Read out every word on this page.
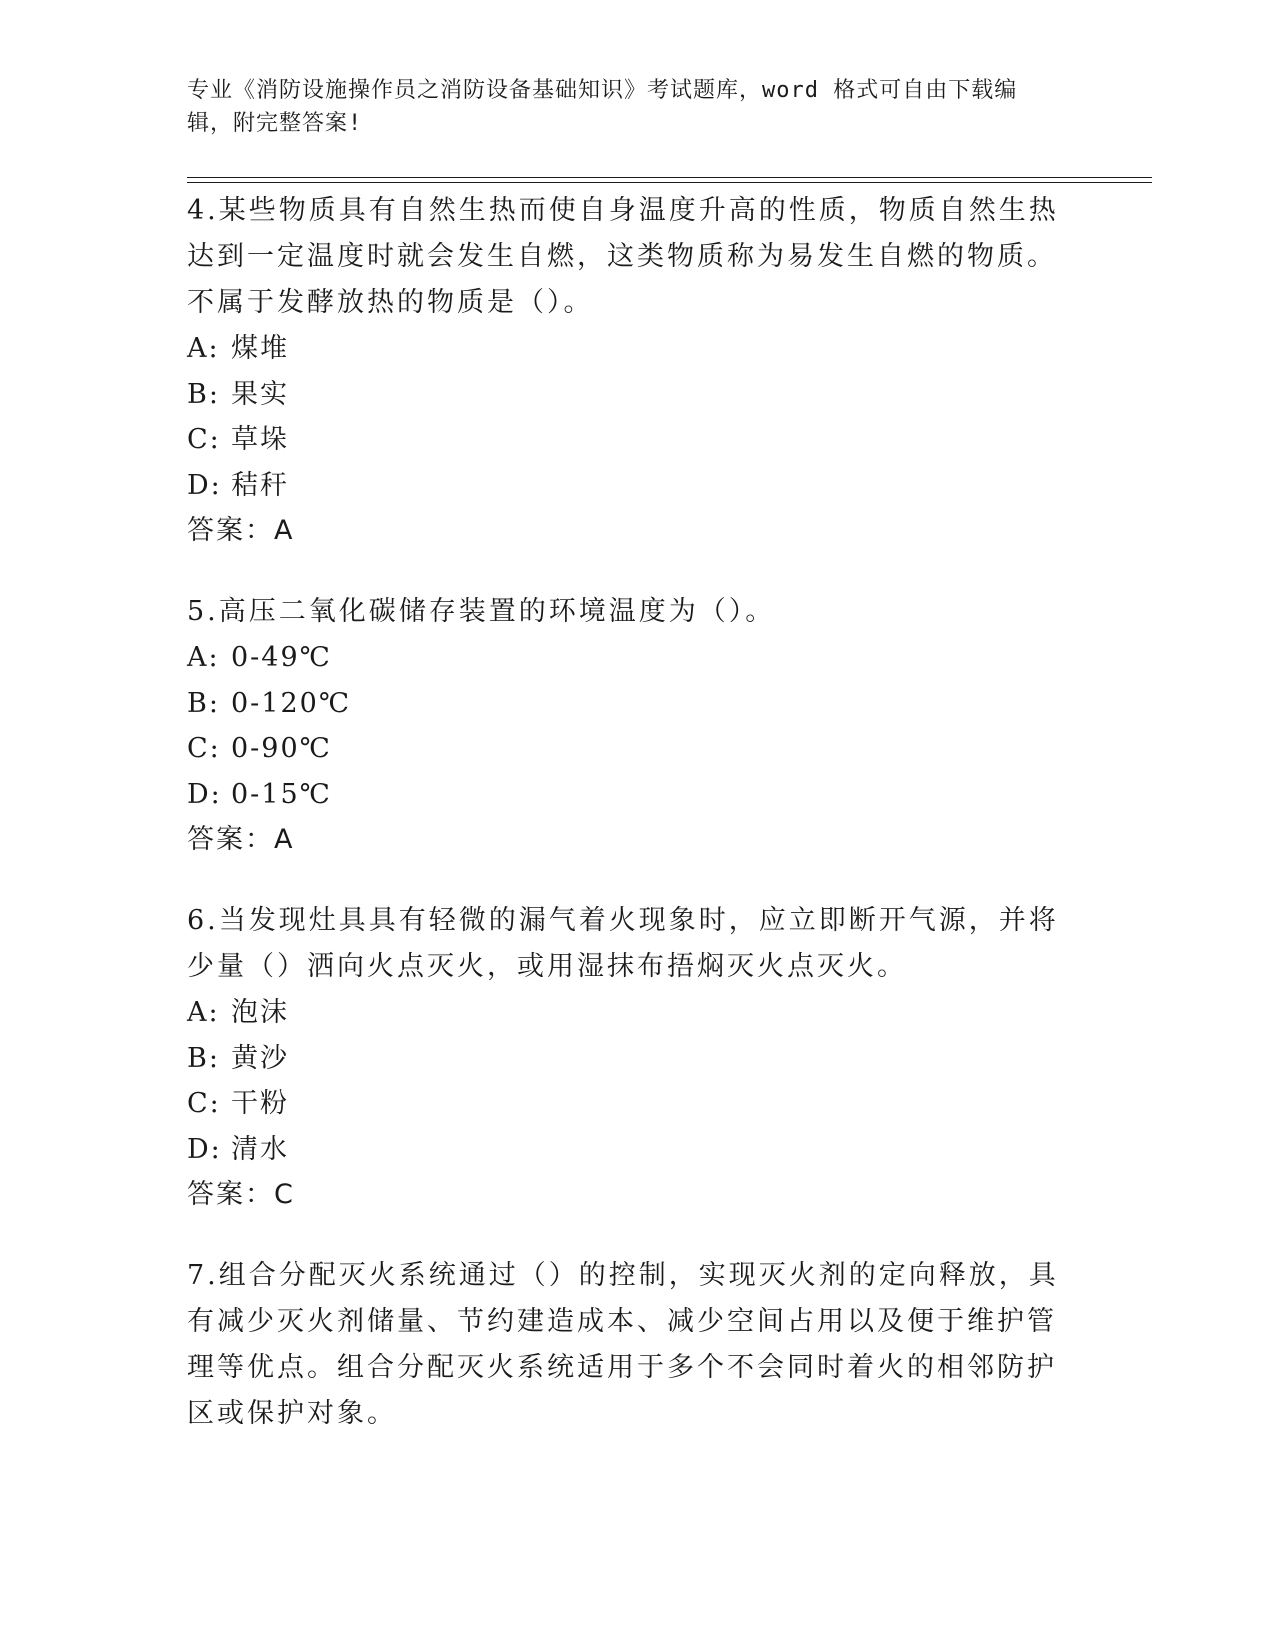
专业《消防设施操作员之消防设备基础知识》考试题库，word 格式可自由下载编
辑，附完整答案!

4.某些物质具有自然生热而使自身温度升高的性质，物质自然生热达到一定温度时就会发生自燃，这类物质称为易发生自燃的物质。不属于发酵放热的物质是（）。

A: 煤堆
B: 果实
C: 草垛
D: 秸秆
答案：A

5.高压二氧化碳储存装置的环境温度为（）。

A: 0-49℃
B: 0-120℃
C: 0-90℃
D: 0-15℃
答案：A

6.当发现灶具具有轻微的漏气着火现象时，应立即断开气源，并将少量（）洒向火点灭火，或用湿抹布捂焖灭火点灭火。

A: 泡沫
B: 黄沙
C: 干粉
D: 清水
答案：C

7.组合分配灭火系统通过（）的控制，实现灭火剂的定向释放，具有减少灭火剂储量、节约建造成本、减少空间占用以及便于维护管理等优点。组合分配灭火系统适用于多个不会同时着火的相邻防护区或保护对象。
